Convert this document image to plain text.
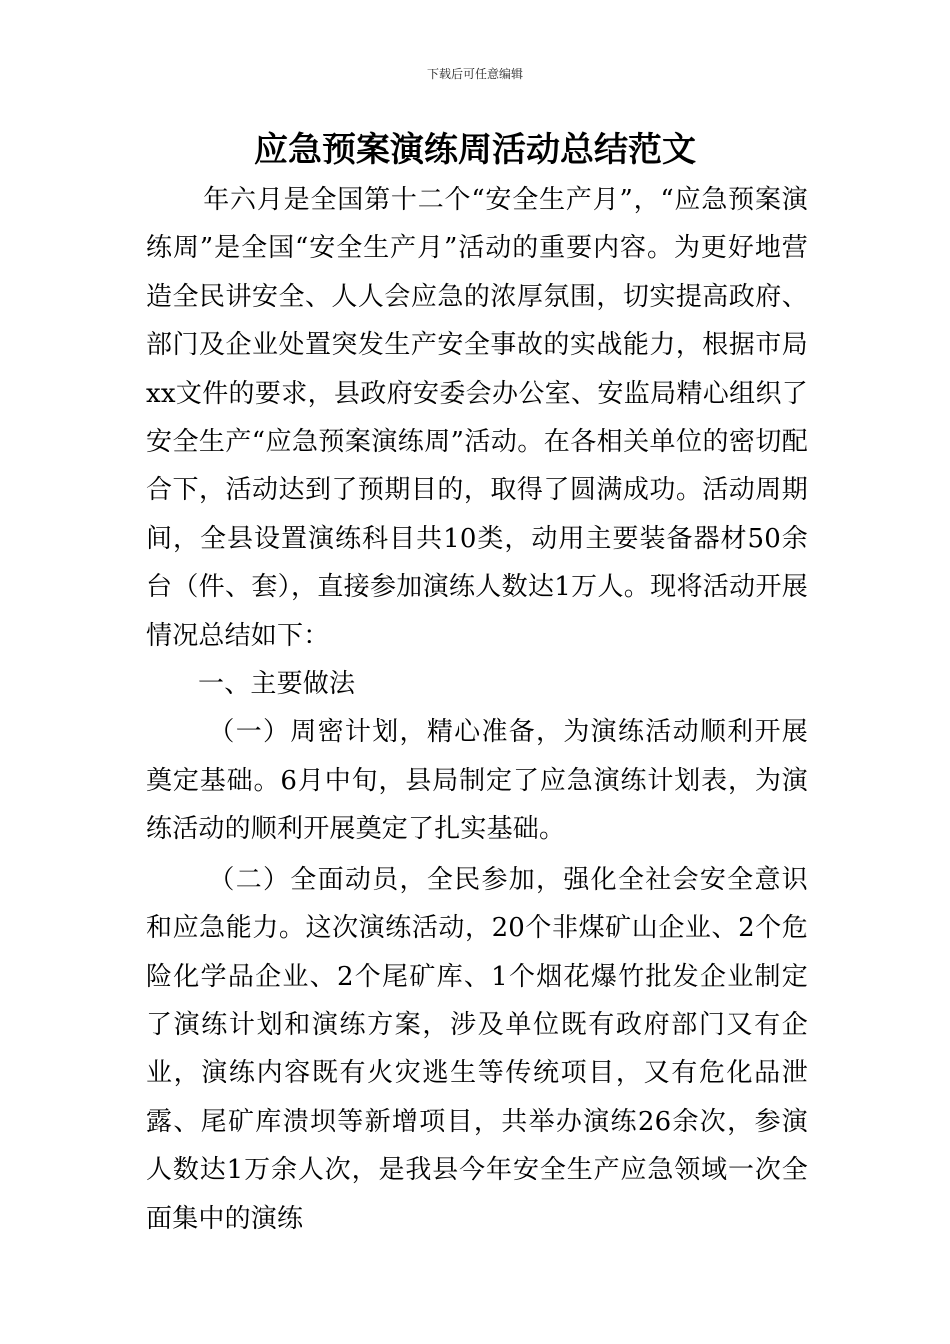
下载后可任意编辑
应急预案演练周活动总结范文

年六月是全国第十二个“安全生产月”，“应急预案演练周”是全国“安全生产月”活动的重要内容。为更好地营造全民讲安全、人人会应急的浓厚氛围，切实提高政府、部门及企业处置突发生产安全事故的实战能力，根据市局xx文件的要求，县政府安委会办公室、安监局精心组织了安全生产“应急预案演练周”活动。在各相关单位的密切配合下，活动达到了预期目的，取得了圆满成功。活动周期间，全县设置演练科目共10类，动用主要装备器材50余台（件、套），直接参加演练人数达1万人。现将活动开展情况总结如下：

一、主要做法

（一）周密计划，精心准备，为演练活动顺利开展奠定基础。6月中旬，县局制定了应急演练计划表，为演练活动的顺利开展奠定了扎实基础。

（二）全面动员，全民参加，强化全社会安全意识和应急能力。这次演练活动，20个非煤矿山企业、2个危险化学品企业、2个尾矿库、1个烟花爆竹批发企业制定了演练计划和演练方案，涉及单位既有政府部门又有企业，演练内容既有火灾逃生等传统项目，又有危化品泄露、尾矿库溃坝等新增项目，共举办演练26余次，参演人数达1万余人次，是我县今年安全生产应急领域一次全面集中的演练
